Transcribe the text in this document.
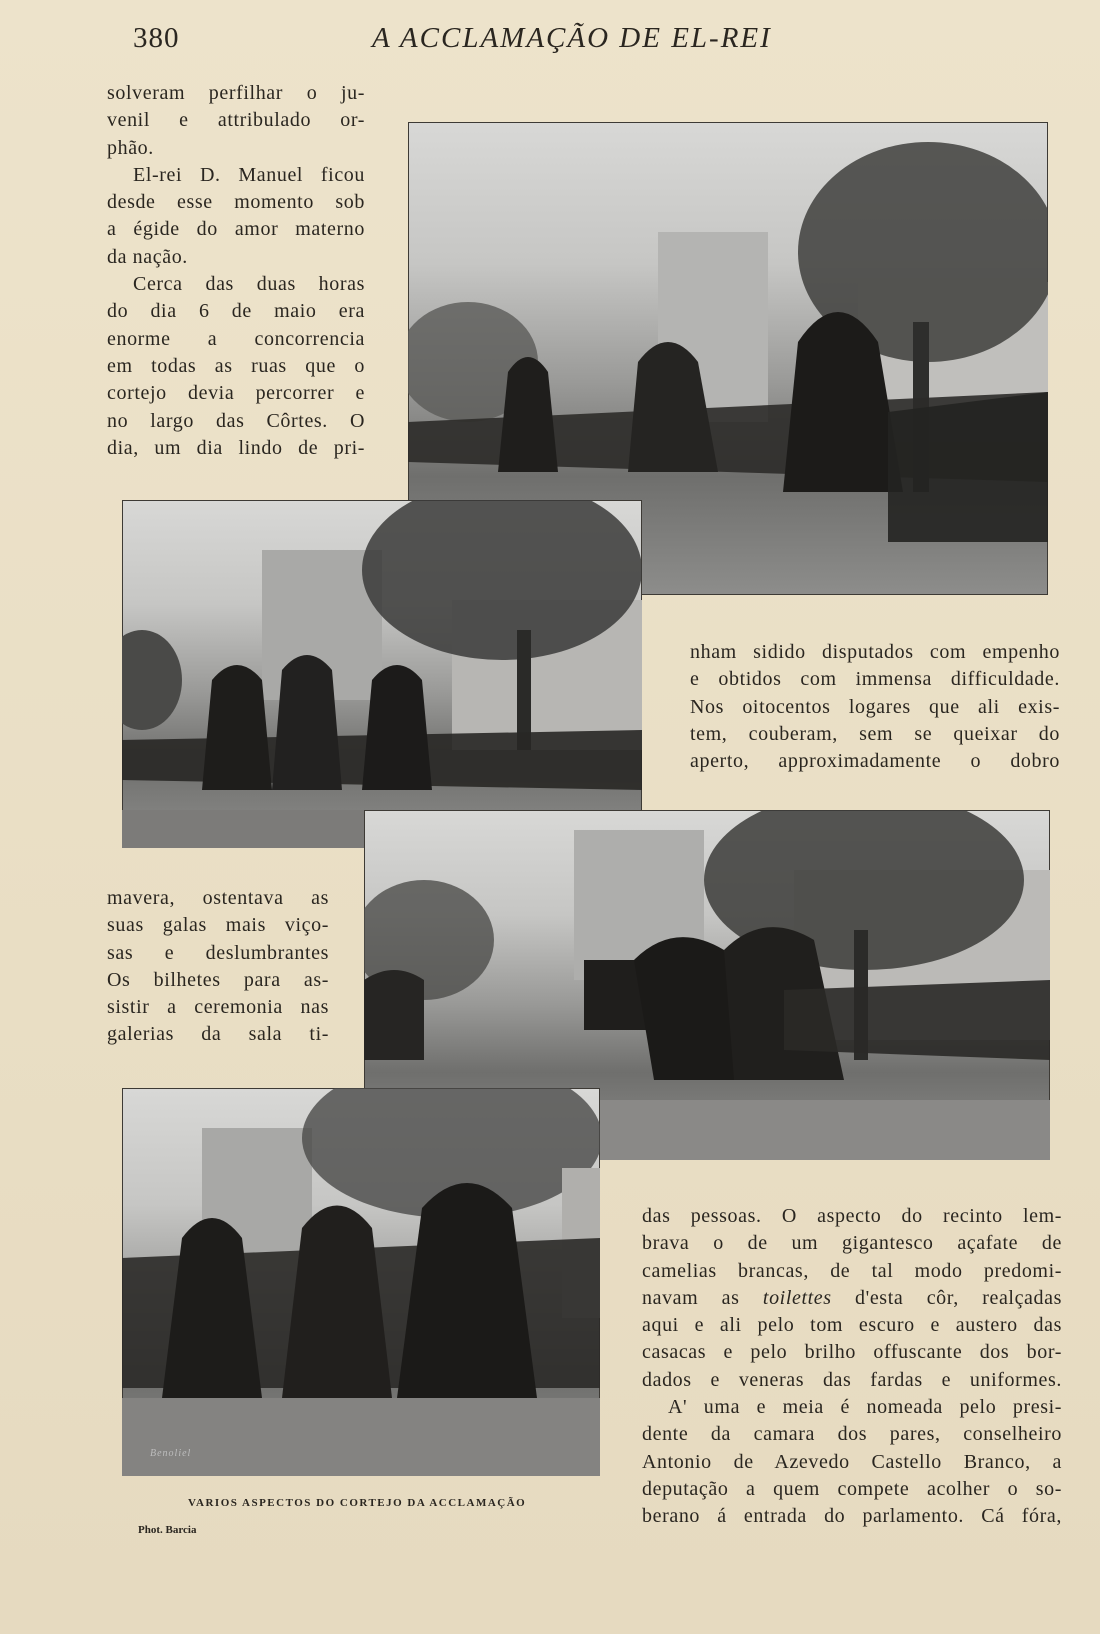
380	A ACCLAMAÇÃO DE EL-REI

solveram perfilhar o ju-
venil e attribulado or-
phão.

El-rei D. Manuel ficou
desde esse momento sob
a égide do amor materno
da nação.

Cerca das duas horas
do dia 6 de maio era
enorme a concorrencia
em todas as ruas que o
cortejo devia percorrer e
no largo das Côrtes. O
dia, um dia lindo de pri-

nham sidido disputados com empenho
e obtidos com immensa difficuldade.
Nos oitocentos logares que ali exis-
tem, couberam, sem se queixar do
aperto, approximadamente o dobro

mavera, ostentava as
suas galas mais viço-
sas e deslumbrantes
Os bilhetes para as-
sistir a ceremonia nas
galerias da sala ti-

Benoliel
VARIOS ASPECTOS DO CORTEJO DA ACCLAMAÇÃO
Phot. Barcia

das pessoas. O aspecto do recinto lem-
brava o de um gigantesco açafate de
camelias brancas, de tal modo predomi-
navam as toilettes d'esta côr, realçadas
aqui e ali pelo tom escuro e austero das
casacas e pelo brilho offuscante dos bor-
dados e veneras das fardas e uniformes.

A' uma e meia é nomeada pelo presi-
dente da camara dos pares, conselheiro
Antonio de Azevedo Castello Branco, a
deputação a quem compete acolher o so-
berano á entrada do parlamento. Cá fóra,
